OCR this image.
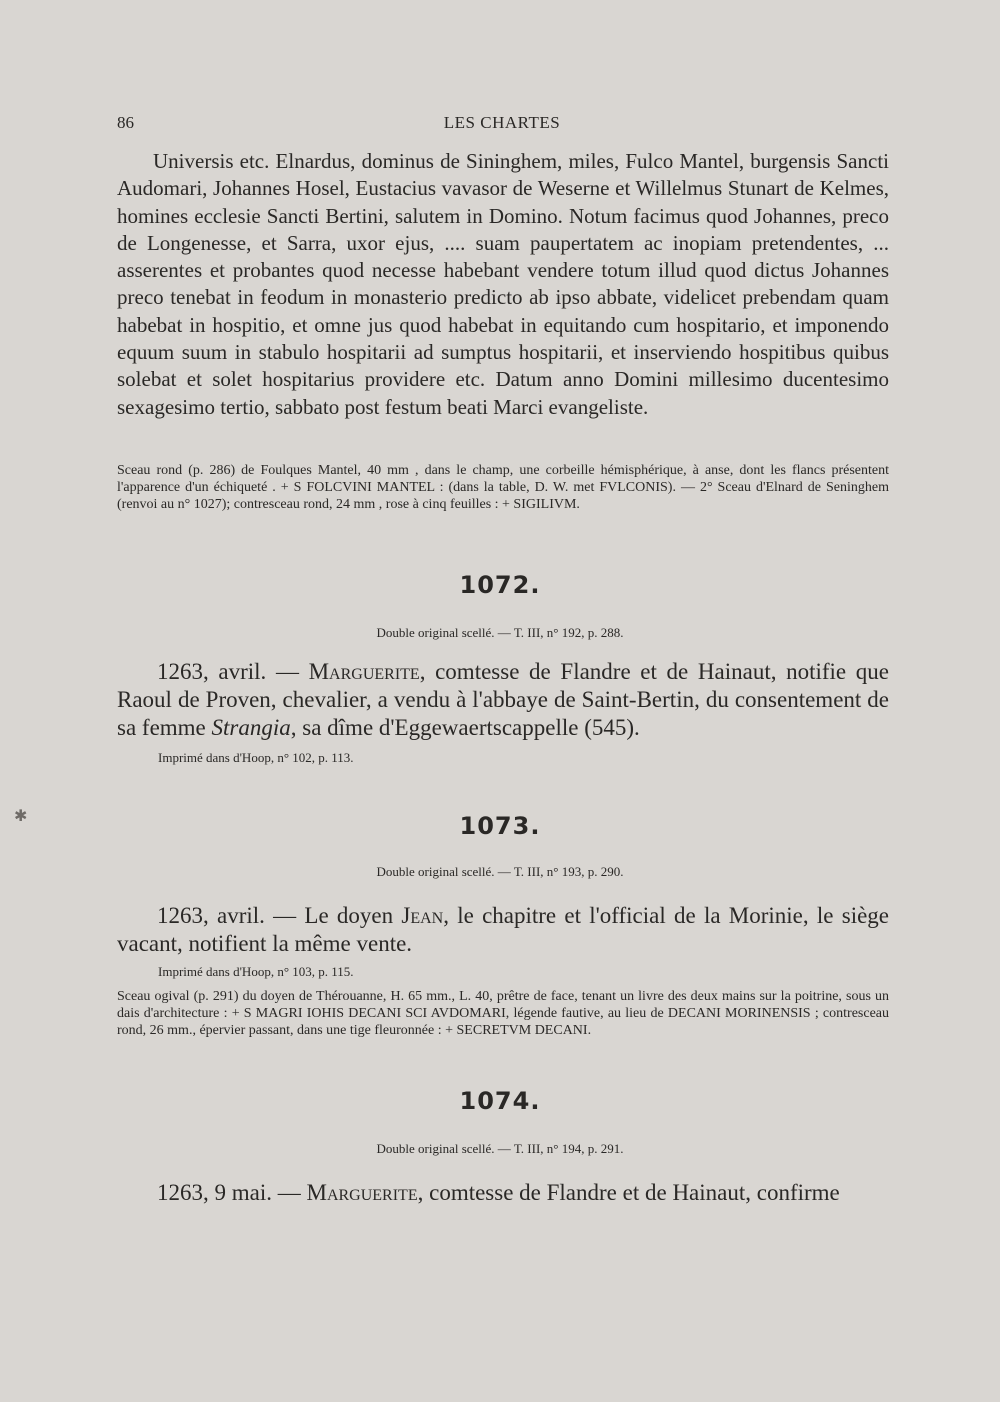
86	LES CHARTES
Universis etc. Elnardus, dominus de Sininghem, miles, Fulco Mantel, burgensis Sancti Audomari, Johannes Hosel, Eustacius vavasor de Weserne et Willelmus Stunart de Kelmes, homines ecclesie Sancti Bertini, salutem in Domino. Notum facimus quod Johannes, preco de Longenesse, et Sarra, uxor ejus, .... suam paupertatem ac inopiam pretendentes, ... asserentes et probantes quod necesse habebant vendere totum illud quod dictus Johannes preco tenebat in feodum in monasterio predicto ab ipso abbate, videlicet prebendam quam habebat in hospitio, et omne jus quod habebat in equitando cum hospitario, et imponendo equum suum in stabulo hospitarii ad sumptus hospitarii, et inserviendo hospitibus quibus solebat et solet hospitarius providere etc. Datum anno Domini millesimo ducentesimo sexagesimo tertio, sabbato post festum beati Marci evangeliste.
Sceau rond (p. 286) de Foulques Mantel, 40 mm , dans le champ, une corbeille hémisphérique, à anse, dont les flancs présentent l'apparence d'un échiqueté . + S FOLCVINI MANTEL : (dans la table, D. W. met FVLCONIS). — 2° Sceau d'Elnard de Seninghem (renvoi au n° 1027); contresceau rond, 24 mm , rose à cinq feuilles : + SIGILIVM.
1072.
Double original scellé. — T. III, n° 192, p. 288.
1263, avril. — Marguerite, comtesse de Flandre et de Hainaut, notifie que Raoul de Proven, chevalier, a vendu à l'abbaye de Saint-Bertin, du consentement de sa femme Strangia, sa dîme d'Eggewaertscappelle (545).
Imprimé dans d'Hoop, n° 102, p. 113.
✱	1073.
Double original scellé. — T. III, n° 193, p. 290.
1263, avril. — Le doyen Jean, le chapitre et l'official de la Morinie, le siège vacant, notifient la même vente.
Imprimé dans d'Hoop, n° 103, p. 115.
Sceau ogival (p. 291) du doyen de Thérouanne, H. 65 mm., L. 40, prêtre de face, tenant un livre des deux mains sur la poitrine, sous un dais d'architecture : + S MAGRI IOHIS DECANI SCI AVDOMARI, légende fautive, au lieu de DECANI MORINENSIS ; contresceau rond, 26 mm., épervier passant, dans une tige fleuronnée : + SECRETVM DECANI.
1074.
Double original scellé. — T. III, n° 194, p. 291.
1263, 9 mai. — Marguerite, comtesse de Flandre et de Hainaut, confirme
